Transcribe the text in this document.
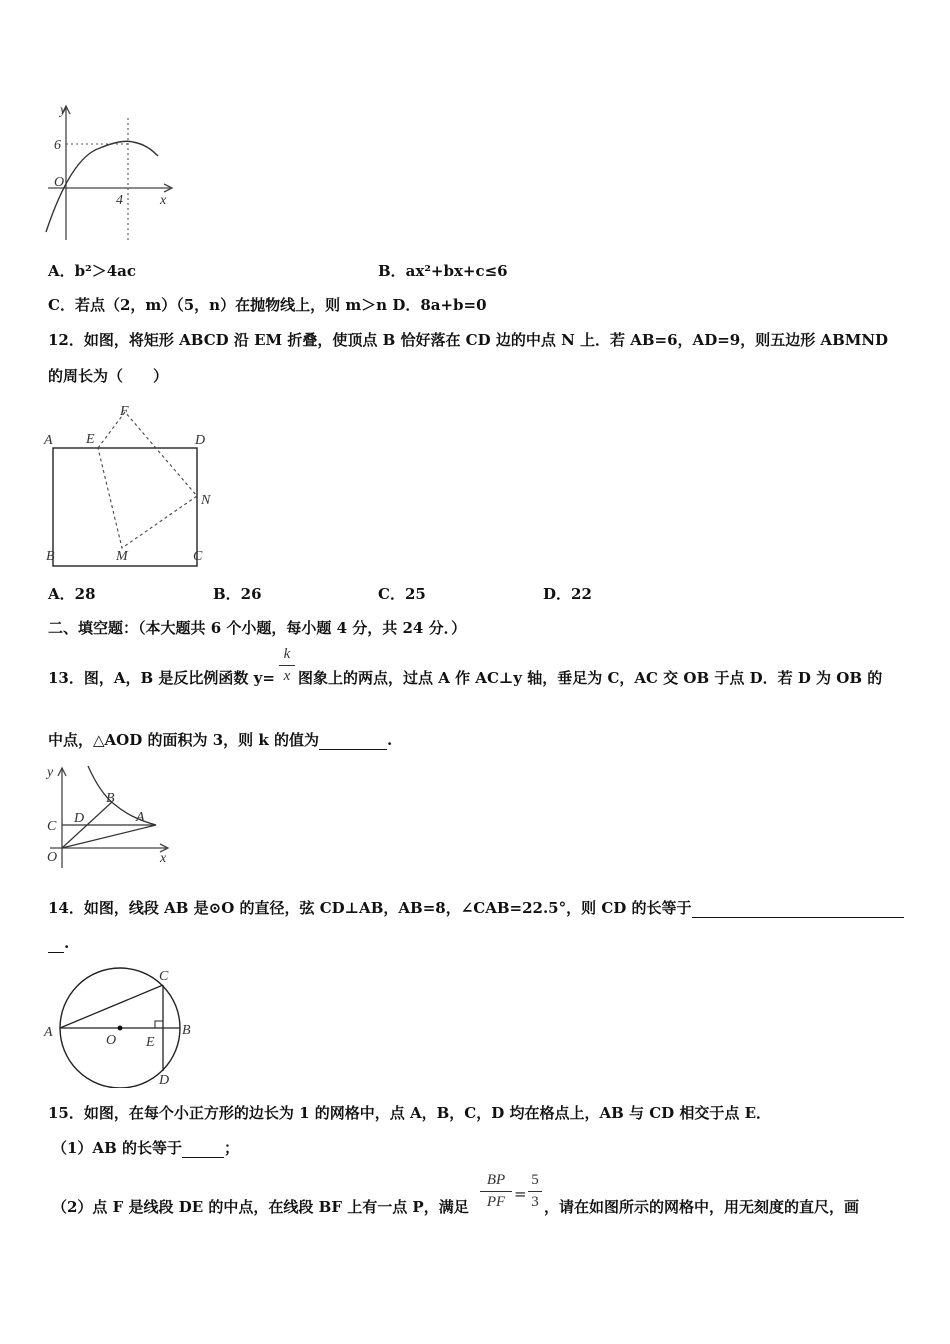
y
x
O
6
4
A．b²＞4ac	B．ax²+bx+c≤6
C．若点（2，m）（5，n）在抛物线上，则 m＞n D．8a+b=0
12．如图，将矩形 ABCD 沿 EM 折叠，使顶点 B 恰好落在 CD 边的中点 N 上．若 AB=6，AD=9，则五边形 ABMND
的周长为（　　）
A E
F
D
N
B	M	C
A．28	B．26	C．25	D．22
二、填空题：（本大题共 6 个小题，每小题 4 分，共 24 分．）
13．图，A，B 是反比例函数 y=
k
x 图象上的两点，过点 A 作 AC⊥y 轴，垂足为 C，AC 交 OB 于点 D．若 D 为 OB 的
中点，△AOD 的面积为 3，则 k 的值为	.
y
x
O
C
D	A
B
14．如图，线段 AB 是⊙O 的直径，弦 CD⊥AB，AB=8，∠CAB=22.5°，则 CD 的长等于
.
A	B
C
D
O E
15．如图，在每个小正方形的边长为 1 的网格中，点 A，B，C，D 均在格点上，AB 与 CD 相交于点 E．
（1）AB 的长等于	；
（2）点 F 是线段 DE 的中点，在线段 BF 上有一点 P，满足
BP
PF =
5
3 ，请在如图所示的网格中，用无刻度的直尺，画
